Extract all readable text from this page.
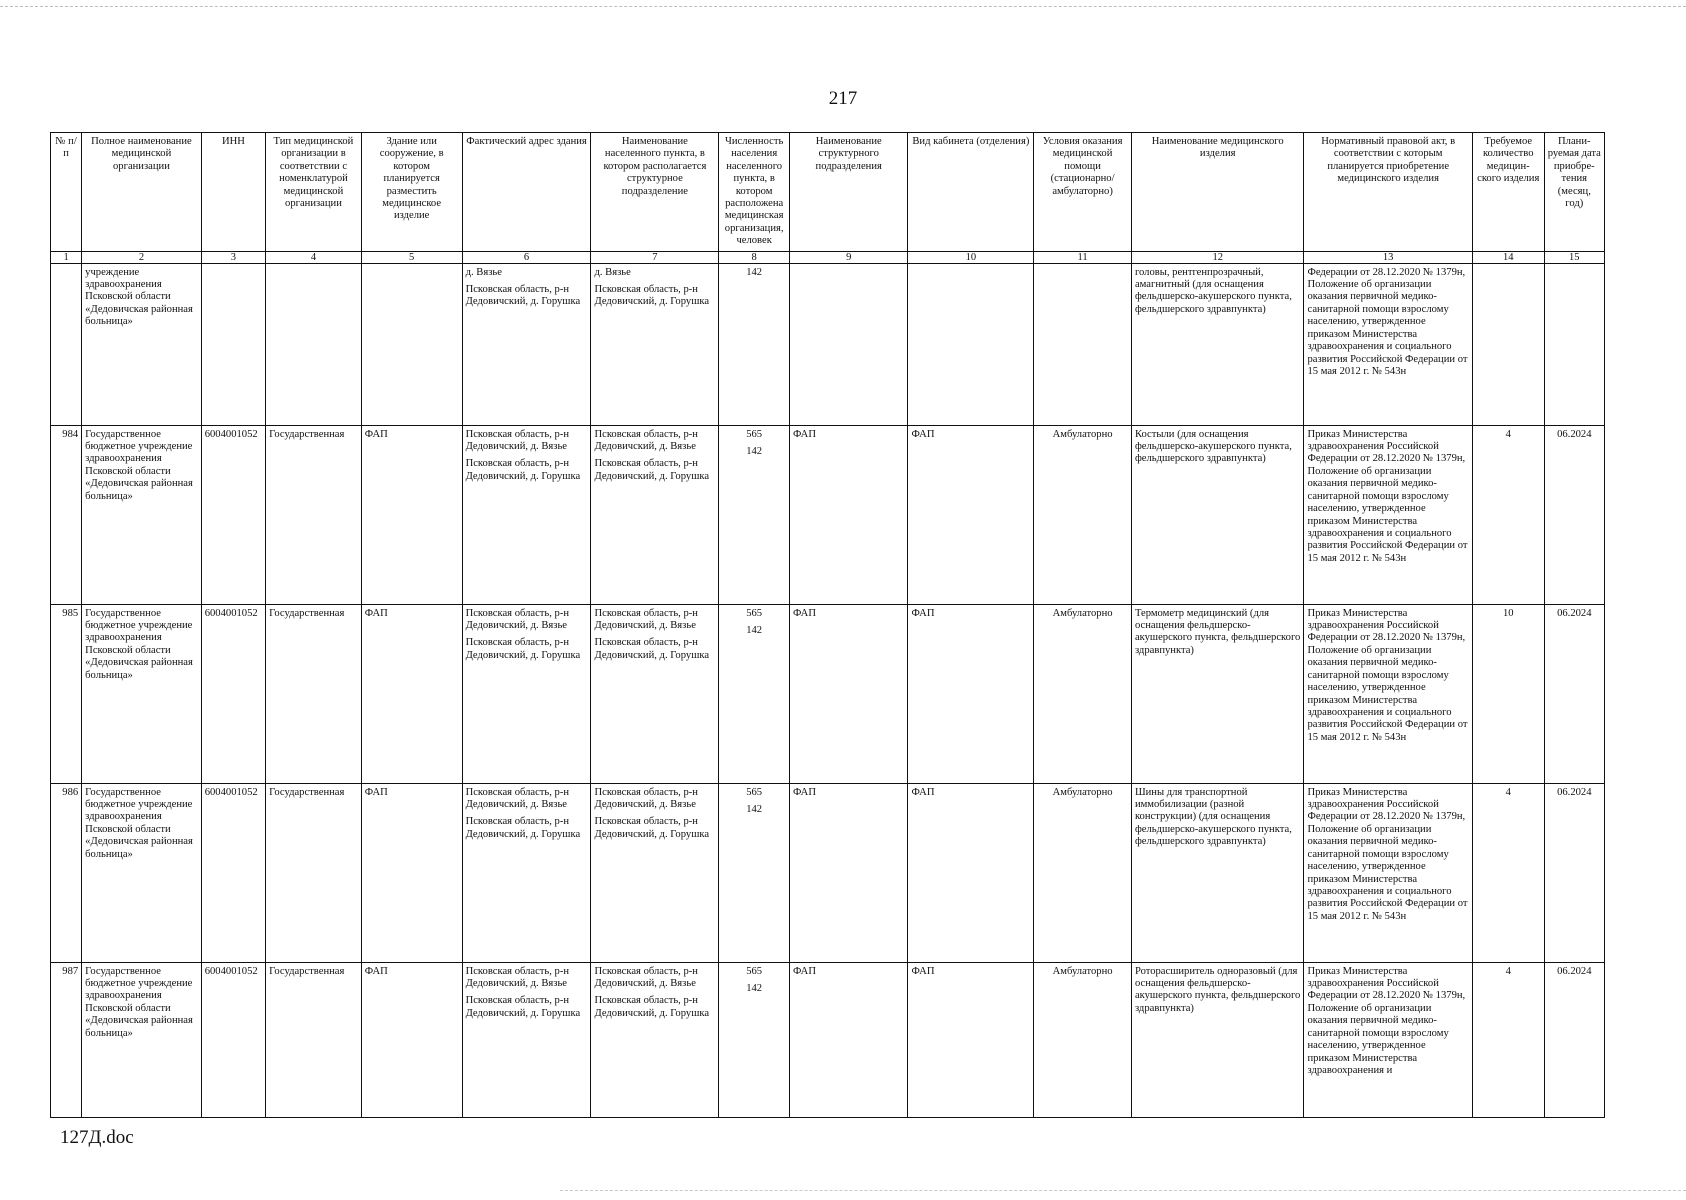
217
№ п/п	Полное наименование медицинской организации	ИНН	Тип медицинской организации в соответствии с номенклатурой медицинской организации	Здание или сооружение, в котором планируется разместить медицинское изделие	Фактический адрес здания	Наименование населенного пункта, в котором располагается структурное подразделение	Численность населения населенного пункта, в котором расположена медицинская организация, человек	Наименование структурного подразделения	Вид кабинета (отделения)	Условия оказания медицинской помощи (стационарно/ амбулаторно)	Наименование медицинского изделия	Нормативный правовой акт, в соответствии с которым планируется приобретение медицинского изделия	Требуемое количество медицин-ского изделия	Плани-руемая дата приобре-тения (месяц, год)
1	2	3	4	5	6	7	8	9	10	11	12	13	14	15
	учреждение здравоохранения Псковской области «Дедовичская районная больница»				д. Вязье
Псковская область, р-н Дедовичский, д. Горушка	д. Вязье
Псковская область, р-н Дедовичский, д. Горушка	142				головы, рентгенпрозрачный, амагнитный (для оснащения фельдшерско-акушерского пункта, фельдшерского здравпункта)	Федерации от 28.12.2020 № 1379н, Положение об организации оказания первичной медико-санитарной помощи взрослому населению, утвержденное приказом Министерства здравоохранения и социального развития Российской Федерации от 15 мая 2012 г. № 543н		
984	Государственное бюджетное учреждение здравоохранения Псковской области «Дедовичская районная больница»	6004001052	Государственная	ФАП	Псковская область, р-н Дедовичский, д. Вязье
Псковская область, р-н Дедовичский, д. Горушка	Псковская область, р-н Дедовичский, д. Вязье
Псковская область, р-н Дедовичский, д. Горушка	565
142	ФАП	ФАП	Амбулаторно	Костыли (для оснащения фельдшерско-акушерского пункта, фельдшерского здравпункта)	Приказ Министерства здравоохранения Российской Федерации от 28.12.2020 № 1379н, Положение об организации оказания первичной медико-санитарной помощи взрослому населению, утвержденное приказом Министерства здравоохранения и социального развития Российской Федерации от 15 мая 2012 г. № 543н	4	06.2024
985	Государственное бюджетное учреждение здравоохранения Псковской области «Дедовичская районная больница»	6004001052	Государственная	ФАП	Псковская область, р-н Дедовичский, д. Вязье
Псковская область, р-н Дедовичский, д. Горушка	Псковская область, р-н Дедовичский, д. Вязье
Псковская область, р-н Дедовичский, д. Горушка	565
142	ФАП	ФАП	Амбулаторно	Термометр медицинский (для оснащения фельдшерско-акушерского пункта, фельдшерского здравпункта)	Приказ Министерства здравоохранения Российской Федерации от 28.12.2020 № 1379н, Положение об организации оказания первичной медико-санитарной помощи взрослому населению, утвержденное приказом Министерства здравоохранения и социального развития Российской Федерации от 15 мая 2012 г. № 543н	10	06.2024
986	Государственное бюджетное учреждение здравоохранения Псковской области «Дедовичская районная больница»	6004001052	Государственная	ФАП	Псковская область, р-н Дедовичский, д. Вязье
Псковская область, р-н Дедовичский, д. Горушка	Псковская область, р-н Дедовичский, д. Вязье
Псковская область, р-н Дедовичский, д. Горушка	565
142	ФАП	ФАП	Амбулаторно	Шины для транспортной иммобилизации (разной конструкции) (для оснащения фельдшерско-акушерского пункта, фельдшерского здравпункта)	Приказ Министерства здравоохранения Российской Федерации от 28.12.2020 № 1379н, Положение об организации оказания первичной медико-санитарной помощи взрослому населению, утвержденное приказом Министерства здравоохранения и социального развития Российской Федерации от 15 мая 2012 г. № 543н	4	06.2024
987	Государственное бюджетное учреждение здравоохранения Псковской области «Дедовичская районная больница»	6004001052	Государственная	ФАП	Псковская область, р-н Дедовичский, д. Вязье
Псковская область, р-н Дедовичский, д. Горушка	Псковская область, р-н Дедовичский, д. Вязье
Псковская область, р-н Дедовичский, д. Горушка	565
142	ФАП	ФАП	Амбулаторно	Роторасширитель одноразовый (для оснащения фельдшерско-акушерского пункта, фельдшерского здравпункта)	Приказ Министерства здравоохранения Российской Федерации от 28.12.2020 № 1379н, Положение об организации оказания первичной медико-санитарной помощи взрослому населению, утвержденное приказом Министерства здравоохранения и	4	06.2024
127Д.doc
